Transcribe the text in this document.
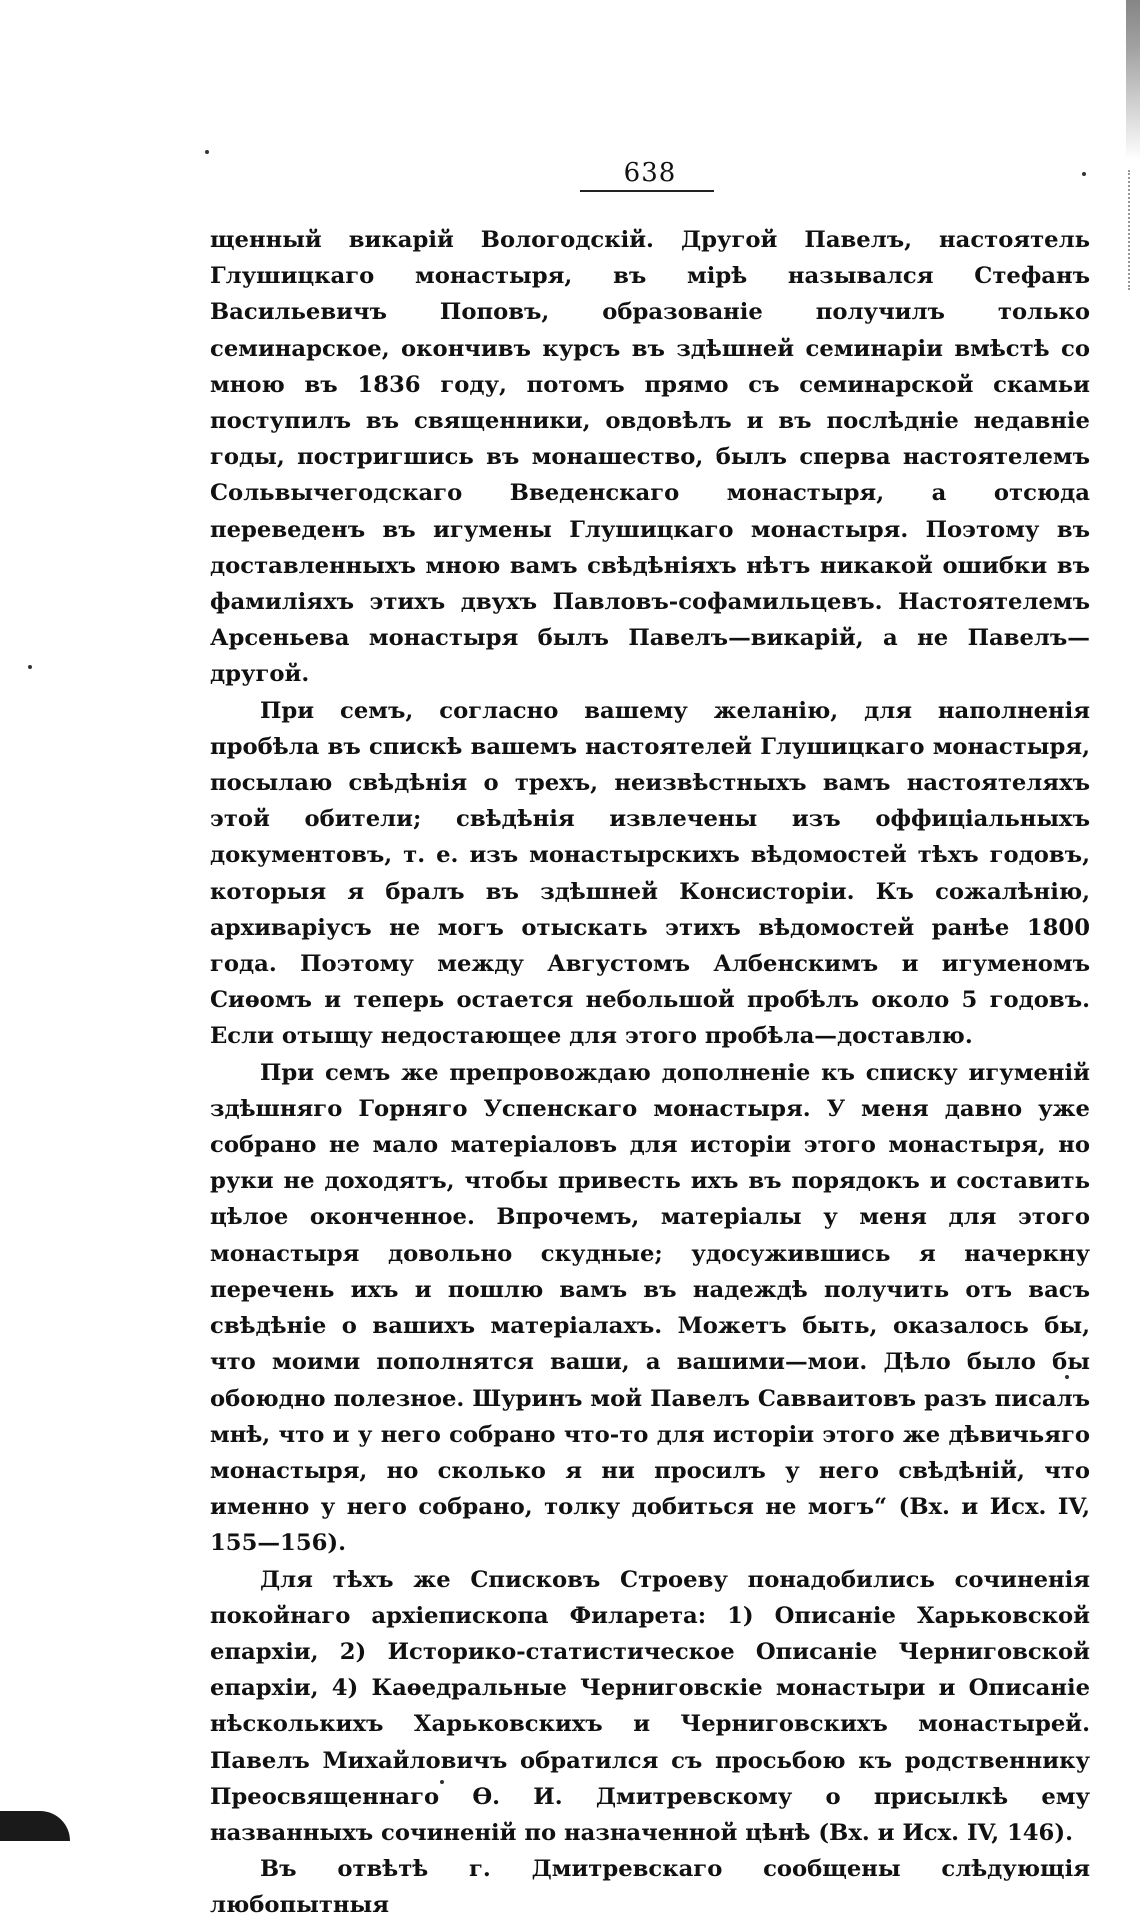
638

щенный викарій Вологодскій. Другой Павелъ, настоятель Глушицкаго монастыря, въ мірѣ назывался Стефанъ Васильевичъ Поповъ, образованіе получилъ только семинарское, окончивъ курсъ въ здѣшней семинаріи вмѣстѣ со мною въ 1836 году, потомъ прямо съ семинарской скамьи поступилъ въ священники, овдовѣлъ и въ послѣдніе недавніе годы, постригшись въ монашество, былъ сперва настоятелемъ Сольвычегодскаго Введенскаго монастыря, а отсюда переведенъ въ игумены Глушицкаго монастыря. Поэтому въ доставленныхъ мною вамъ свѣдѣніяхъ нѣтъ никакой ошибки въ фамиліяхъ этихъ двухъ Павловъ-софамильцевъ. Настоятелемъ Арсеньева монастыря былъ Павелъ—викарій, а не Павелъ—другой.

При семъ, согласно вашему желанію, для наполненія пробѣла въ спискѣ вашемъ настоятелей Глушицкаго монастыря, посылаю свѣдѣнія о трехъ, неизвѣстныхъ вамъ настоятеляхъ этой обители; свѣдѣнія извлечены изъ оффиціальныхъ документовъ, т. е. изъ монастырскихъ вѣдомостей тѣхъ годовъ, которыя я бралъ въ здѣшней Консисторіи. Къ сожалѣнію, архиваріусъ не могъ отыскать этихъ вѣдомостей ранѣе 1800 года. Поэтому между Августомъ Албенскимъ и игуменомъ Сиѳомъ и теперь остается небольшой пробѣлъ около 5 годовъ. Если отыщу недостающее для этого пробѣла—доставлю.

При семъ же препровождаю дополненіе къ списку игуменій здѣшняго Горняго Успенскаго монастыря. У меня давно уже собрано не мало матеріаловъ для исторіи этого монастыря, но руки не доходятъ, чтобы привесть ихъ въ порядокъ и составить цѣлое оконченное. Впрочемъ, матеріалы у меня для этого монастыря довольно скудные; удосужившись я начеркну перечень ихъ и пошлю вамъ въ надеждѣ получить отъ васъ свѣдѣніе о вашихъ матеріалахъ. Можетъ быть, оказалось бы, что моими пополнятся ваши, а вашими—мои. Дѣло было бы обоюдно полезное. Шуринъ мой Павелъ Савваитовъ разъ писалъ мнѣ, что и у него собрано что-то для исторіи этого же дѣвичьяго монастыря, но сколько я ни просилъ у него свѣдѣній, что именно у него собрано, толку добиться не могъ“ (Вх. и Исх. IV, 155—156).

Для тѣхъ же Списковъ Строеву понадобились сочиненія покойнаго архіепископа Филарета: 1) Описаніе Харьковской епархіи, 2) Историко-статистическое Описаніе Черниговской епархіи, 4) Каѳедральные Черниговскіе монастыри и Описаніе нѣсколькихъ Харьковскихъ и Черниговскихъ монастырей. Павелъ Михайловичъ обратился съ просьбою къ родственнику Преосвященнаго Ѳ. И. Дмитревскому о присылкѣ ему названныхъ сочиненій по назначенной цѣнѣ (Вх. и Исх. IV, 146).

Въ отвѣтѣ г. Дмитревскаго сообщены слѣдующія любопытныя
